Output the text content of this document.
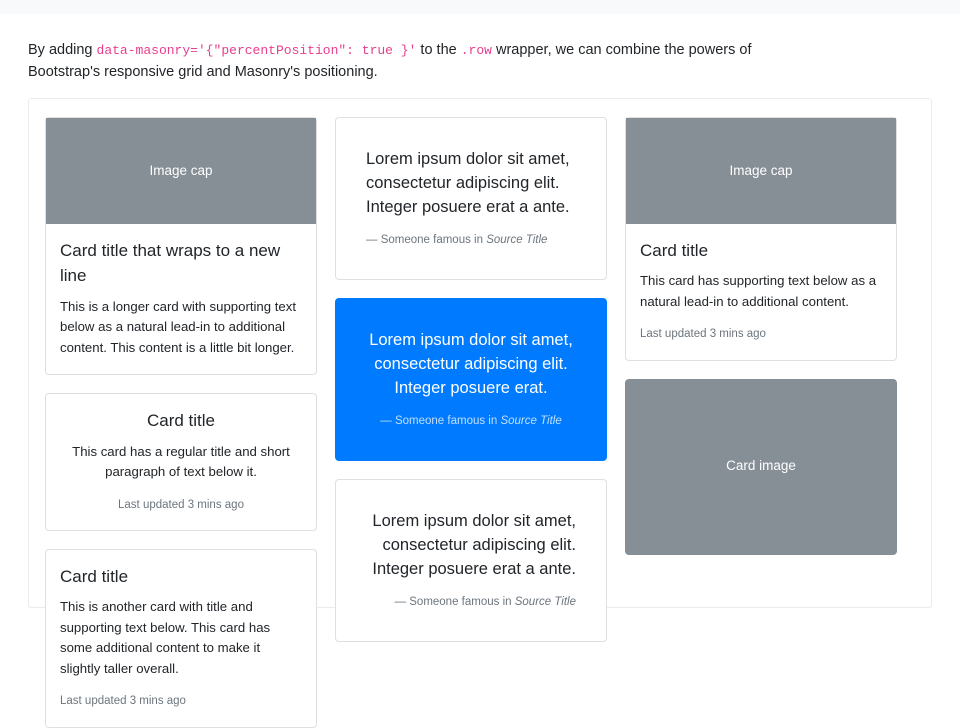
By adding data-masonry='{"percentPosition": true }' to the .row wrapper, we can combine the powers of Bootstrap's responsive grid and Masonry's positioning.

Image cap
Card title that wraps to a new line

This is a longer card with supporting text below as a natural lead-in to additional content. This content is a little bit longer.

Card title

This card has a regular title and short paragraph of text below it.

Last updated 3 mins ago
Card title

This is another card with title and supporting text below. This card has some additional content to make it slightly taller overall.

Last updated 3 mins ago

Lorem ipsum dolor sit amet, consectetur adipiscing elit. Integer posuere erat a ante.

— Someone famous in Source Title

Lorem ipsum dolor sit amet, consectetur adipiscing elit. Integer posuere erat.

— Someone famous in Source Title

Lorem ipsum dolor sit amet, consectetur adipiscing elit. Integer posuere erat a ante.

— Someone famous in Source Title
Image cap
Card title

This card has supporting text below as a natural lead-in to additional content.

Last updated 3 mins ago
Card image
